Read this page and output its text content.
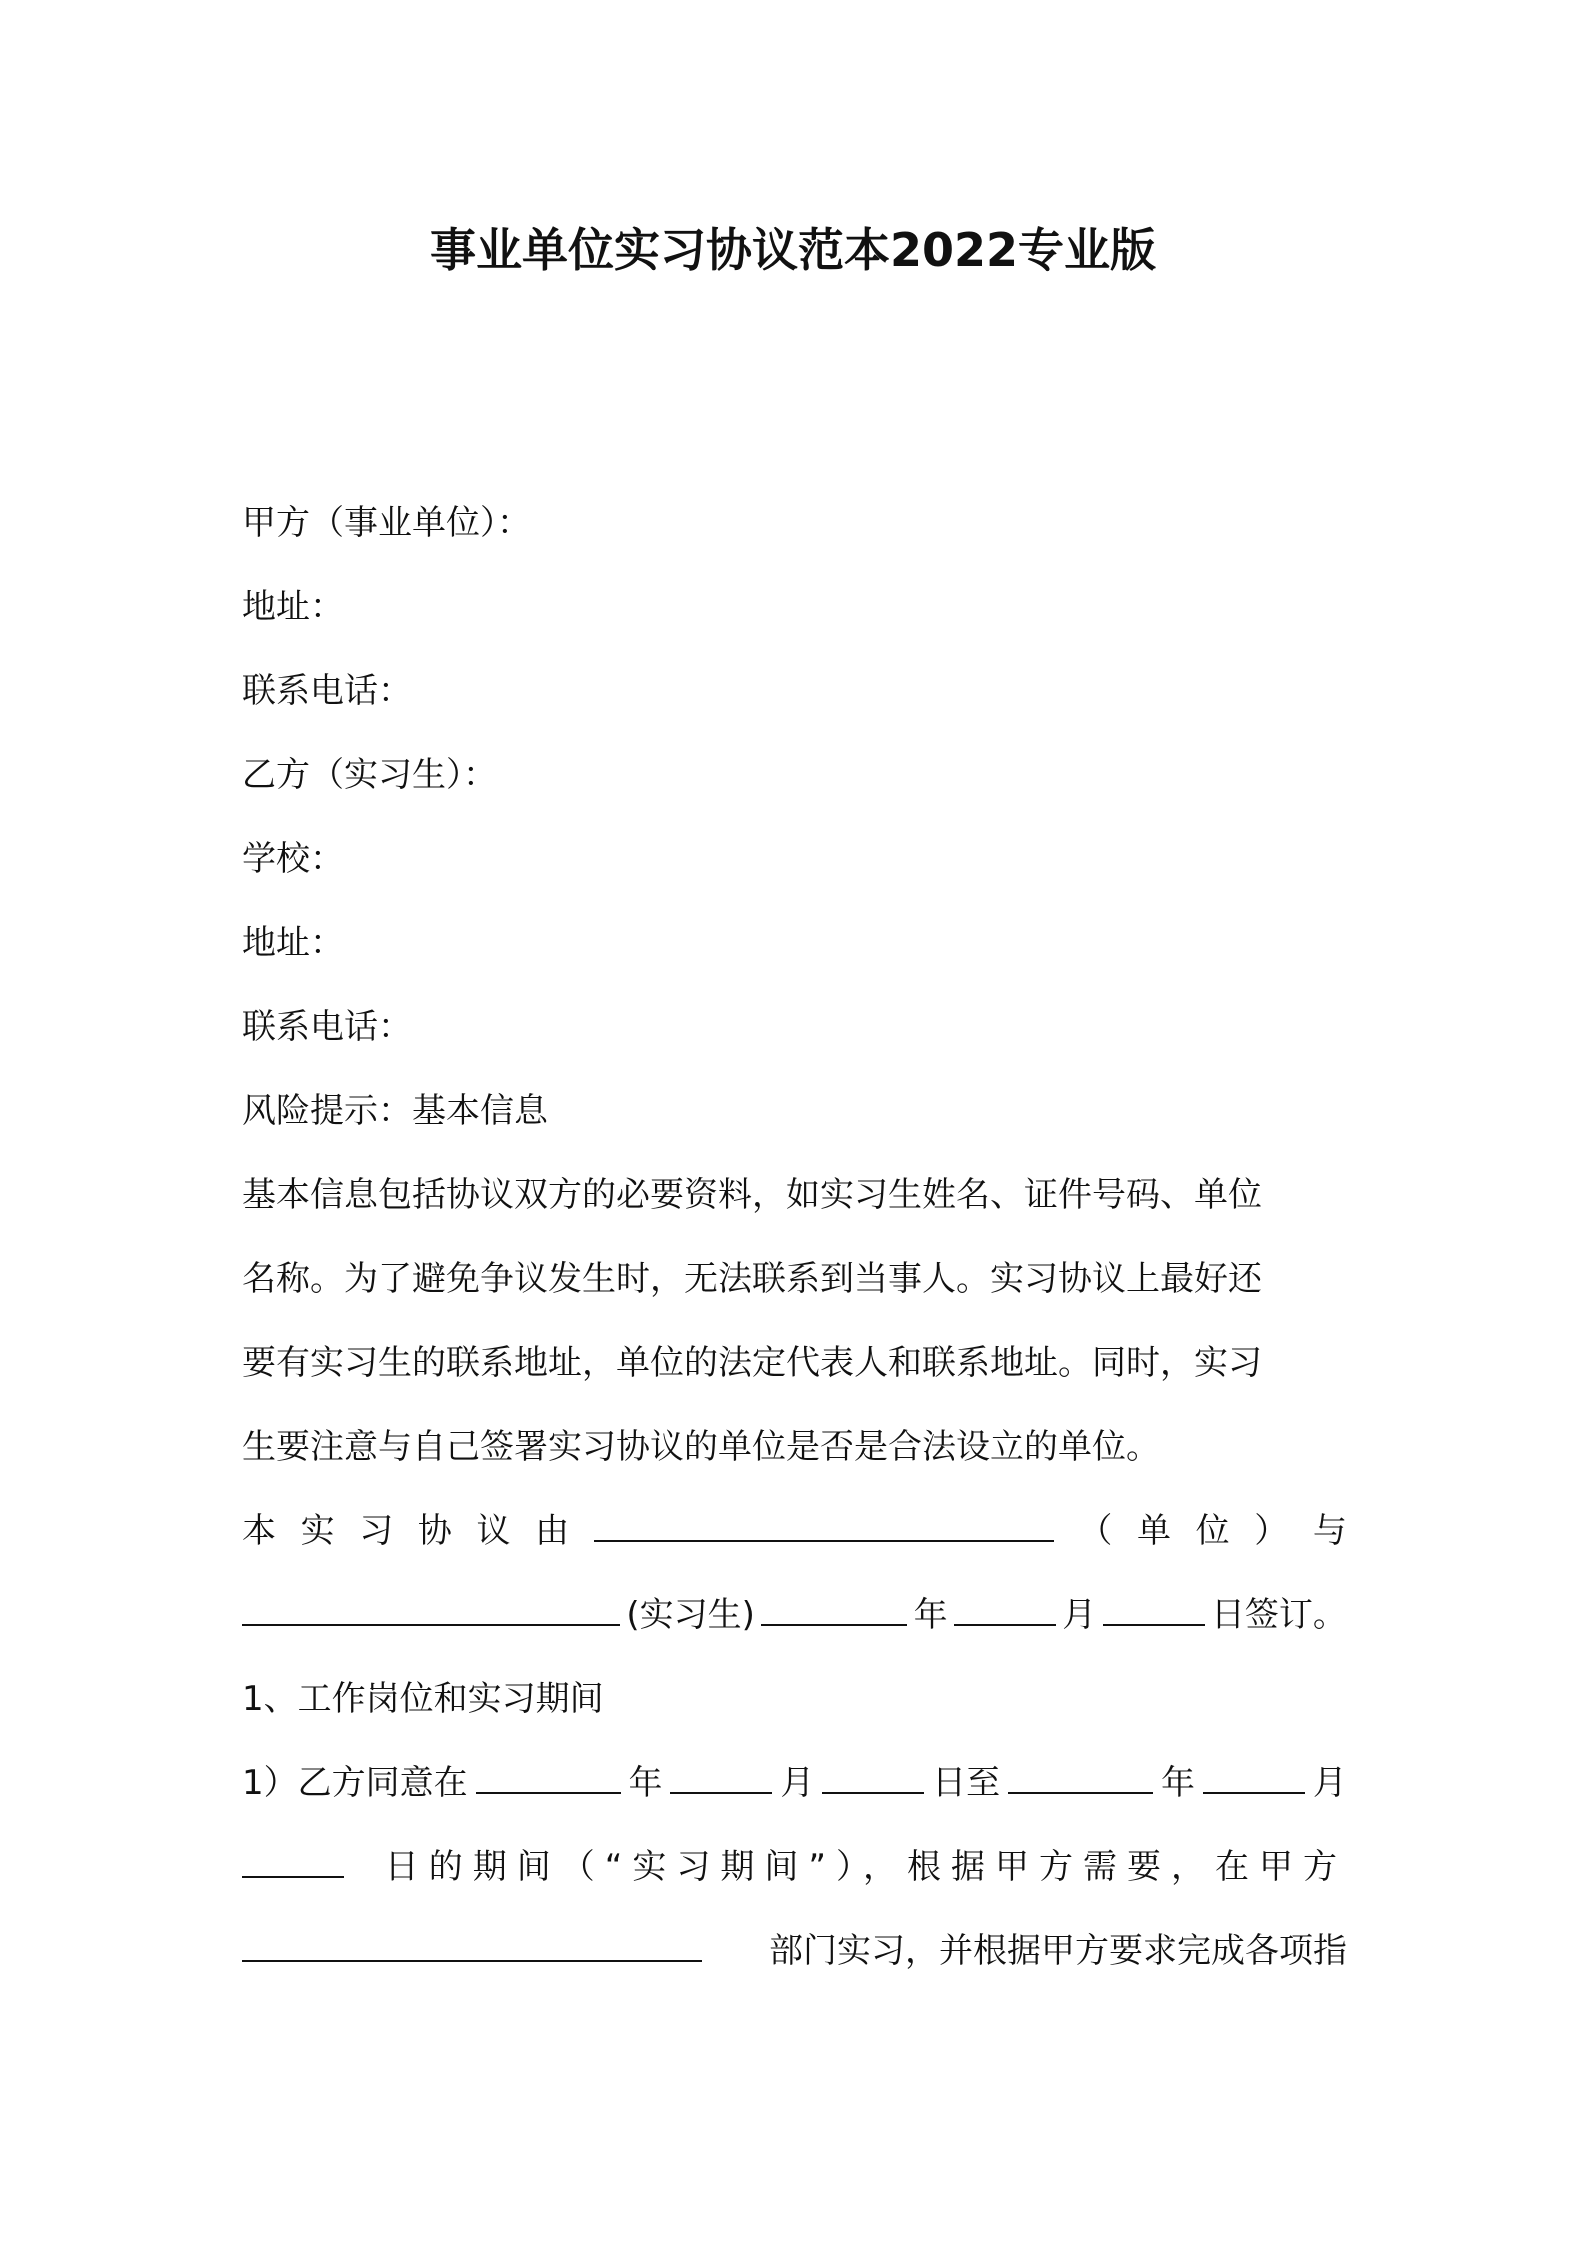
事业单位实习协议范本2022专业版
甲方（事业单位）：
地址：
联系电话：
乙方（实习生）：
学校：
地址：
联系电话：
风险提示：基本信息
基本信息包括协议双方的必要资料，如实习生姓名、证件号码、单位
名称。为了避免争议发生时，无法联系到当事人。实习协议上最好还
要有实习生的联系地址，单位的法定代表人和联系地址。同时，实习
生要注意与自己签署实习协议的单位是否是合法设立的单位。
本 实 习 协 议 由	（ 单 位 ） 与
(实习生)	年	月	日签订。
1、工作岗位和实习期间
1）乙方同意在	年	月	日至	年	月
日的期间（“实习期间”），根据甲方需要，在甲方
部门实习，并根据甲方要求完成各项指
